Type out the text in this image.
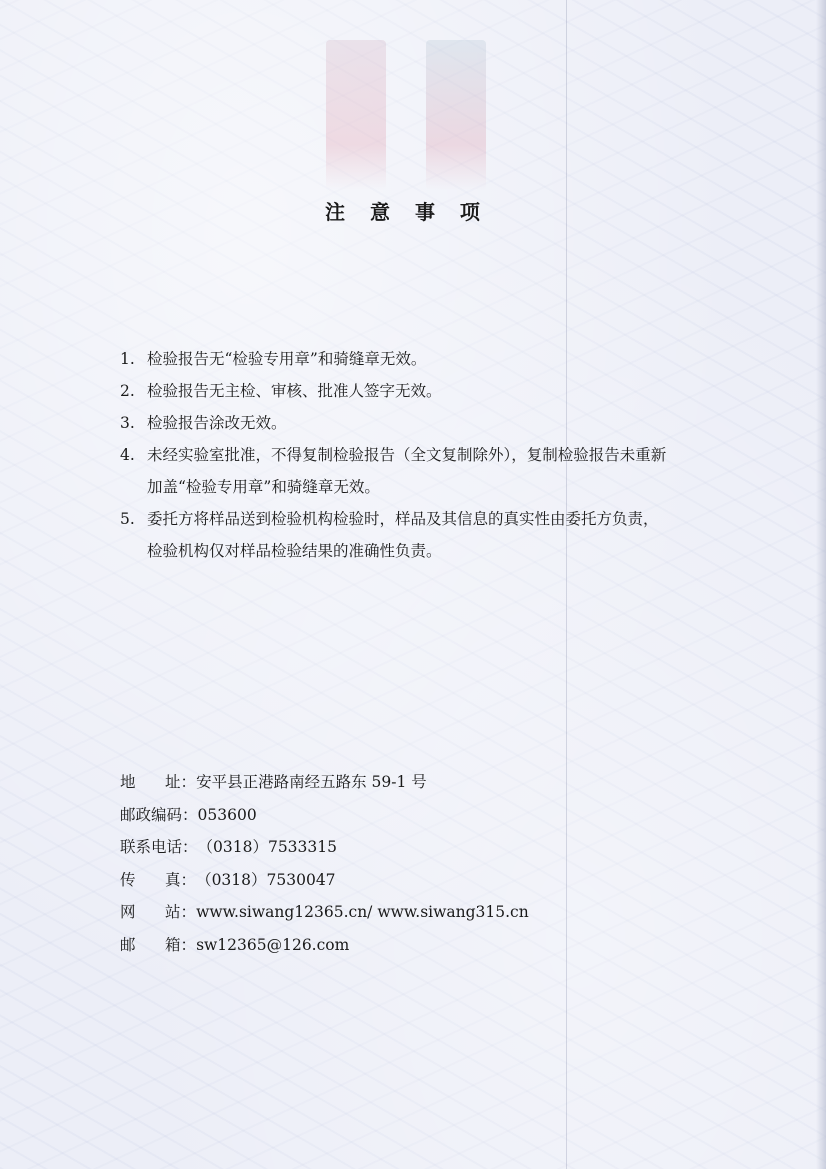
注 意 事 项
1. 检验报告无“检验专用章”和骑缝章无效。
2. 检验报告无主检、审核、批准人签字无效。
3. 检验报告涂改无效。
4. 未经实验室批准，不得复制检验报告（全文复制除外），复制检验报告未重新
加盖“检验专用章”和骑缝章无效。
5. 委托方将样品送到检验机构检验时，样品及其信息的真实性由委托方负责，
检验机构仅对样品检验结果的准确性负责。
地      址： 安平县正港路南经五路东 59-1 号
邮政编码： 053600
联系电话： （0318）7533315
传      真： （0318）7530047
网      站： www.siwang12365.cn/ www.siwang315.cn
邮      箱： sw12365@126.com
